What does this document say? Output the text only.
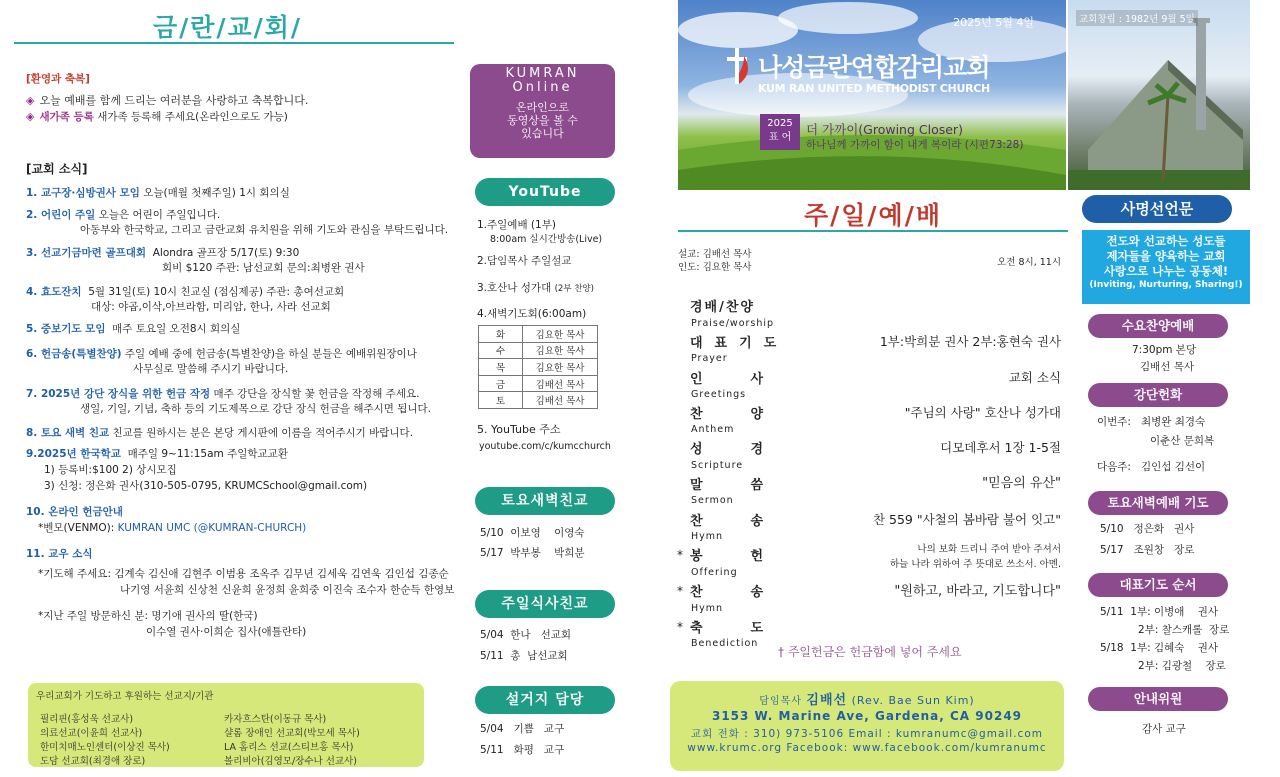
금/란/교/회/
[환영과 축복]
◈ 오늘 예배를 함께 드리는 여러분을 사랑하고 축복합니다.
◈ 새가족 등록 새가족 등록해 주세요(온라인으로도 가능)
[교회 소식]
1. 교구장·심방권사 모임 오늘(매월 첫째주일) 1시 회의실
2. 어린이 주일 오늘은 어린이 주일입니다.
아동부와 한국학교, 그리고 금란교회 유치원을 위해 기도와 관심을 부탁드립니다.
3. 선교기금마련 골프대회 Alondra 골프장 5/17(토) 9:30
회비 $120 주관: 남선교회 문의:최병완 권사
4. 효도잔치 5월 31일(토) 10시 친교실 (점심제공) 주관: 총여선교회
대상: 야곱,이삭,아브라함, 미리암, 한나, 사라 선교회
5. 중보기도 모임 매주 토요일 오전8시 회의실
6. 헌금송(특별찬양) 주일 예배 중에 헌금송(특별찬양)을 하실 분들은 예배위원장이나
사무실로 말씀해 주시기 바랍니다.
7. 2025년 강단 장식을 위한 헌금 작정 매주 강단을 장식할 꽃 헌금을 작정해 주세요.
생일, 기일, 기념, 축하 등의 기도제목으로 강단 장식 헌금을 해주시면 됩니다.
8. 토요 새벽 친교 친교를 원하시는 분은 본당 게시판에 이름을 적어주시기 바랍니다.
9.2025년 한국학교 매주일 9~11:15am 주일학교교환
1) 등록비:$100 2) 상시모집
3) 신청: 정은화 권사(310-505-0795, KRUMCSchool@gmail.com)
10. 온라인 헌금안내
*벤모(VENMO): KUMRAN UMC (@KUMRAN-CHURCH)
11. 교우 소식
*기도해 주세요: 김계숙 김신애 김현주 이범용 조옥주 김무년 김세욱 김연욱 김인섭 김종순
나기영 서윤희 신상천 신윤희 윤정희 윤희중 이진숙 조수자 한순득 한영보
*지난 주일 방문하신 분: 명기애 권사의 딸(한국)
이수열 권사·이희순 집사(애틀란타)
우리교회가 기도하고 후원하는 선교지/기관
필리핀(홍성욱 선교사)	카자흐스탄(이동규 목사)
의료선교(이윤희 선교사)	샬롬 장애인 선교회(박모세 목사)
한미치매노인센터(이상진 목사)	LA 홈리스 선교(스티브홍 목사)
도담 선교회(최경애 장로)	볼리비아(김영모/장수나 선교사)
KUMRAN
Online
온라인으로
동영상을 볼 수
있습니다
YouTube
1.주일예배 (1부)
8:00am 실시간방송(Live)
2.담임목사 주일설교
3.호산나 성가대 (2부 찬양)
4.새벽기도회(6:00am)
화	김요한 목사
수	김요한 목사
목	김요한 목사
금	김배선 목사
토	김배선 목사
5. YouTube 주소
youtube.com/c/kumcchurch
토요새벽친교
5/10 이보영 이영숙
5/17 박부봉 박희분
주일식사친교
5/04 한나 선교회
5/11 총 남선교회
설거지 담당
5/04 기쁨 교구
5/11 화평 교구
2025년 5월 4일
나성금란연합감리교회
KUM RAN UNITED METHODIST CHURCH
2025
표 어
더 가까이(Growing Closer)
하나님께 가까이 함이 내게 복이라 (시편73:28)
교회창립 : 1982년 9월 5일
주/일/예/배
설교: 김배선 목사
인도: 김요한 목사	오전 8시, 11시
경배/찬양
Praise/worship
대표기도
Prayer
1부:박희분 권사 2부:홍현숙 권사
인사
Greetings
교회 소식
찬양
Anthem
"주님의 사랑" 호산나 성가대
성경
Scripture
디모데후서 1장 1-5절
말씀
Sermon
"믿음의 유산"
찬송
Hymn
찬 559 "사철의 봄바람 불어 잇고"
* 봉헌
Offering
나의 보화 드리니 주여 받아 주셔서
하늘 나라 위하여 주 뜻대로 쓰소서. 아멘.
* 찬송
Hymn
"원하고, 바라고, 기도합니다"
* 축도
Benediction
† 주일헌금은 헌금함에 넣어 주세요
담임목사 김배선 (Rev. Bae Sun Kim)
3153 W. Marine Ave, Gardena, CA 90249
교회 전화 : 310) 973-5106 Email : kumranumc@gmail.com
www.krumc.org Facebook: www.facebook.com/kumranumc
사명선언문
전도와 선교하는 성도들
제자들을 양육하는 교회
사랑으로 나누는 공동체!
(Inviting, Nurturing, Sharing!)
수요찬양예배
7:30pm 본당
김배선 목사
강단헌화
이번주: 최병완 최경숙
이춘산 문희복
다음주: 김인섭 김선이
토요새벽예배 기도
5/10 정은화 권사
5/17 조원창 장로
대표기도 순서
5/11 1부: 이병애 권사
2부: 찰스캐롤 장로
5/18 1부: 김혜숙 권사
2부: 김광철 장로
안내위원
감사 교구
